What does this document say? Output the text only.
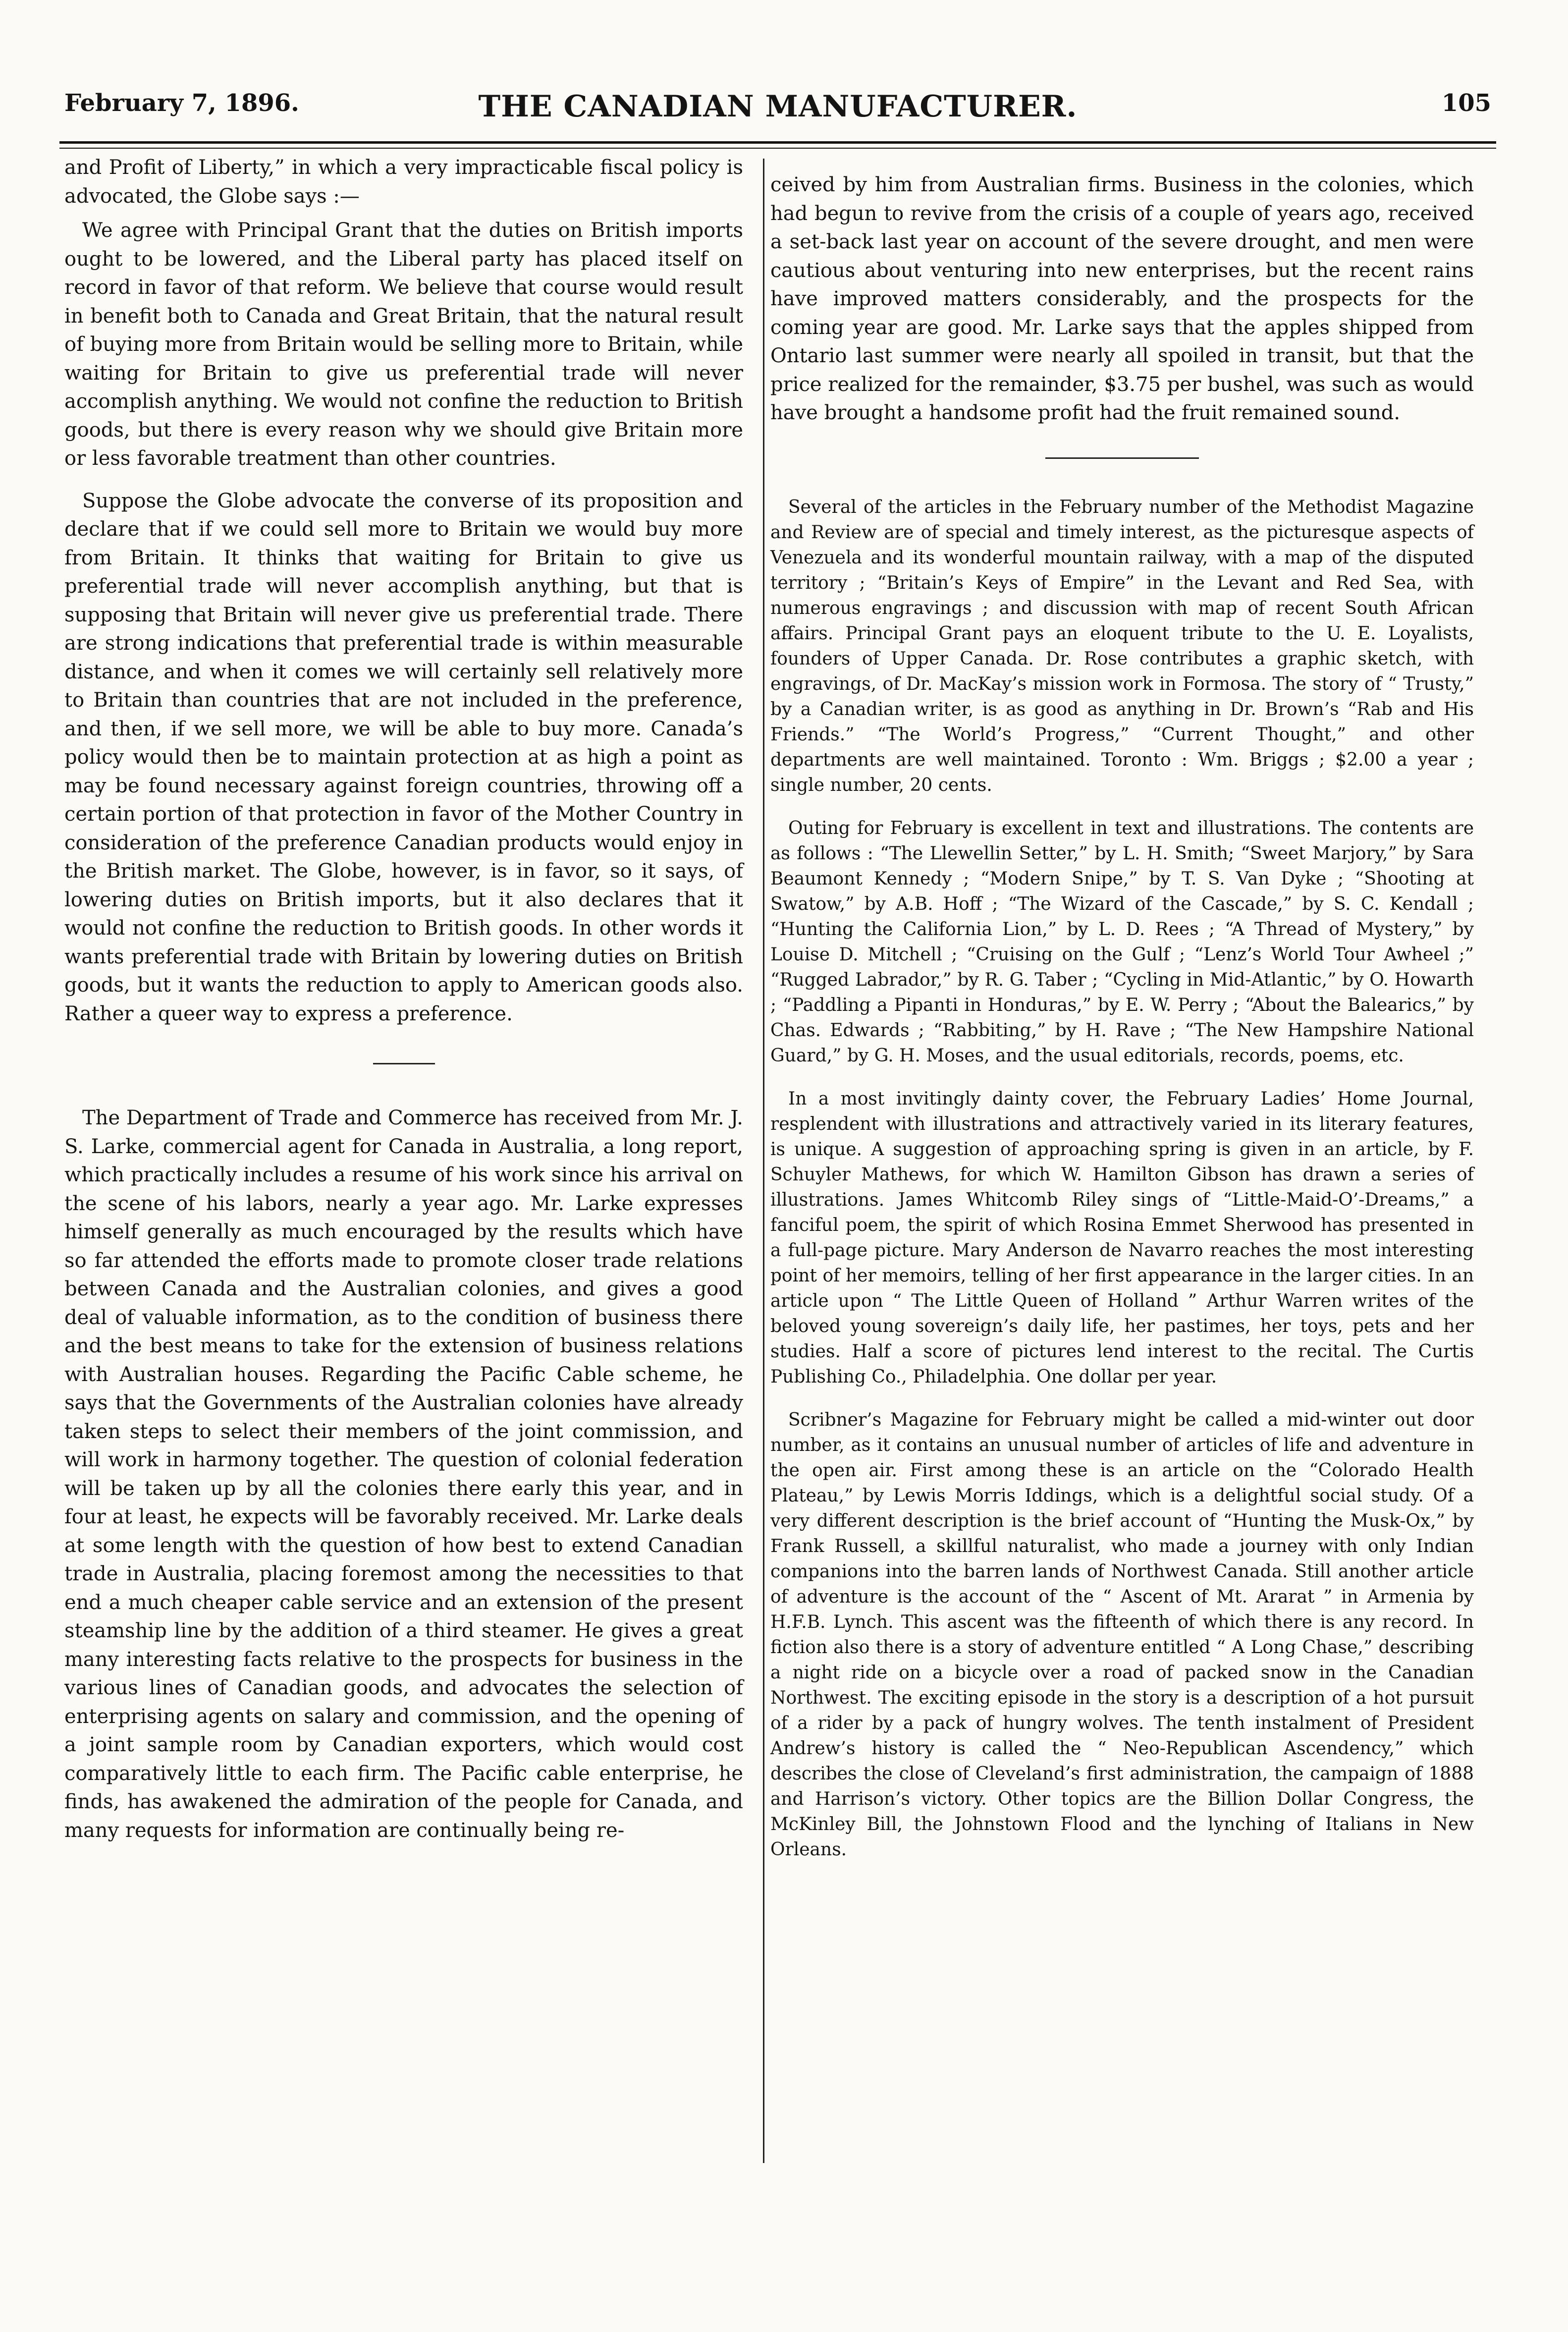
February 7, 1896.	THE CANADIAN MANUFACTURER.	105

and Profit of Liberty,” in which a very impracticable fiscal policy is advocated, the Globe says :—

We agree with Principal Grant that the duties on British imports ought to be lowered, and the Liberal party has placed itself on record in favor of that reform. We believe that course would result in benefit both to Canada and Great Britain, that the natural result of buying more from Britain would be selling more to Britain, while waiting for Britain to give us preferential trade will never accomplish anything. We would not confine the reduction to British goods, but there is every reason why we should give Britain more or less favorable treatment than other countries.

Suppose the Globe advocate the converse of its proposition and declare that if we could sell more to Britain we would buy more from Britain. It thinks that waiting for Britain to give us preferential trade will never accomplish anything, but that is supposing that Britain will never give us preferential trade. There are strong indications that preferential trade is within measurable distance, and when it comes we will certainly sell relatively more to Britain than countries that are not included in the preference, and then, if we sell more, we will be able to buy more. Canada’s policy would then be to maintain protection at as high a point as may be found necessary against foreign countries, throwing off a certain portion of that protection in favor of the Mother Country in consideration of the preference Canadian products would enjoy in the British market. The Globe, however, is in favor, so it says, of lowering duties on British imports, but it also declares that it would not confine the reduction to British goods. In other words it wants preferential trade with Britain by lowering duties on British goods, but it wants the reduction to apply to American goods also. Rather a queer way to express a preference.

The Department of Trade and Commerce has received from Mr. J. S. Larke, commercial agent for Canada in Australia, a long report, which practically includes a resume of his work since his arrival on the scene of his labors, nearly a year ago. Mr. Larke expresses himself generally as much encouraged by the results which have so far attended the efforts made to promote closer trade relations between Canada and the Australian colonies, and gives a good deal of valuable information, as to the condition of business there and the best means to take for the extension of business relations with Australian houses. Regarding the Pacific Cable scheme, he says that the Governments of the Australian colonies have already taken steps to select their members of the joint commission, and will work in harmony together. The question of colonial federation will be taken up by all the colonies there early this year, and in four at least, he expects will be favorably received. Mr. Larke deals at some length with the question of how best to extend Canadian trade in Australia, placing foremost among the necessities to that end a much cheaper cable service and an extension of the present steamship line by the addition of a third steamer. He gives a great many interesting facts relative to the prospects for business in the various lines of Canadian goods, and advocates the selection of enterprising agents on salary and commission, and the opening of a joint sample room by Canadian exporters, which would cost comparatively little to each firm. The Pacific cable enterprise, he finds, has awakened the admiration of the people for Canada, and many requests for information are continually being re-

ceived by him from Australian firms. Business in the colonies, which had begun to revive from the crisis of a couple of years ago, received a set-back last year on account of the severe drought, and men were cautious about venturing into new enterprises, but the recent rains have improved matters considerably, and the prospects for the coming year are good. Mr. Larke says that the apples shipped from Ontario last summer were nearly all spoiled in transit, but that the price realized for the remainder, $3.75 per bushel, was such as would have brought a handsome profit had the fruit remained sound.

Several of the articles in the February number of the Methodist Magazine and Review are of special and timely interest, as the picturesque aspects of Venezuela and its wonderful mountain railway, with a map of the disputed territory ; “Britain’s Keys of Empire” in the Levant and Red Sea, with numerous engravings ; and discussion with map of recent South African affairs. Principal Grant pays an eloquent tribute to the U. E. Loyalists, founders of Upper Canada. Dr. Rose contributes a graphic sketch, with engravings, of Dr. MacKay’s mission work in Formosa. The story of “ Trusty,” by a Canadian writer, is as good as anything in Dr. Brown’s “Rab and His Friends.” “The World’s Progress,” “Current Thought,” and other departments are well maintained. Toronto : Wm. Briggs ; $2.00 a year ; single number, 20 cents.

Outing for February is excellent in text and illustrations. The contents are as follows : “The Llewellin Setter,” by L. H. Smith; “Sweet Marjory,” by Sara Beaumont Kennedy ; “Modern Snipe,” by T. S. Van Dyke ; “Shooting at Swatow,” by A.B. Hoff ; “The Wizard of the Cascade,” by S. C. Kendall ; “Hunting the California Lion,” by L. D. Rees ; “A Thread of Mystery,” by Louise D. Mitchell ; “Cruising on the Gulf ; “Lenz’s World Tour Awheel ;” “Rugged Labrador,” by R. G. Taber ; “Cycling in Mid-Atlantic,” by O. Howarth ; “Paddling a Pipanti in Honduras,” by E. W. Perry ; “About the Balearics,” by Chas. Edwards ; “Rabbiting,” by H. Rave ; “The New Hampshire National Guard,” by G. H. Moses, and the usual editorials, records, poems, etc.

In a most invitingly dainty cover, the February Ladies’ Home Journal, resplendent with illustrations and attractively varied in its literary features, is unique. A suggestion of approaching spring is given in an article, by F. Schuyler Mathews, for which W. Hamilton Gibson has drawn a series of illustrations. James Whitcomb Riley sings of “Little-Maid-O’-Dreams,” a fanciful poem, the spirit of which Rosina Emmet Sherwood has presented in a full-page picture. Mary Anderson de Navarro reaches the most interesting point of her memoirs, telling of her first appearance in the larger cities. In an article upon “ The Little Queen of Holland ” Arthur Warren writes of the beloved young sovereign’s daily life, her pastimes, her toys, pets and her studies. Half a score of pictures lend interest to the recital. The Curtis Publishing Co., Philadelphia. One dollar per year.

Scribner’s Magazine for February might be called a mid-winter out door number, as it contains an unusual number of articles of life and adventure in the open air. First among these is an article on the “Colorado Health Plateau,” by Lewis Morris Iddings, which is a delightful social study. Of a very different description is the brief account of “Hunting the Musk-Ox,” by Frank Russell, a skillful naturalist, who made a journey with only Indian companions into the barren lands of Northwest Canada. Still another article of adventure is the account of the “ Ascent of Mt. Ararat ” in Armenia by H.F.B. Lynch. This ascent was the fifteenth of which there is any record. In fiction also there is a story of adventure entitled “ A Long Chase,” describing a night ride on a bicycle over a road of packed snow in the Canadian Northwest. The exciting episode in the story is a description of a hot pursuit of a rider by a pack of hungry wolves. The tenth instalment of President Andrew’s history is called the “ Neo-Republican Ascendency,” which describes the close of Cleveland’s first administration, the campaign of 1888 and Harrison’s victory. Other topics are the Billion Dollar Congress, the McKinley Bill, the Johnstown Flood and the lynching of Italians in New Orleans.
